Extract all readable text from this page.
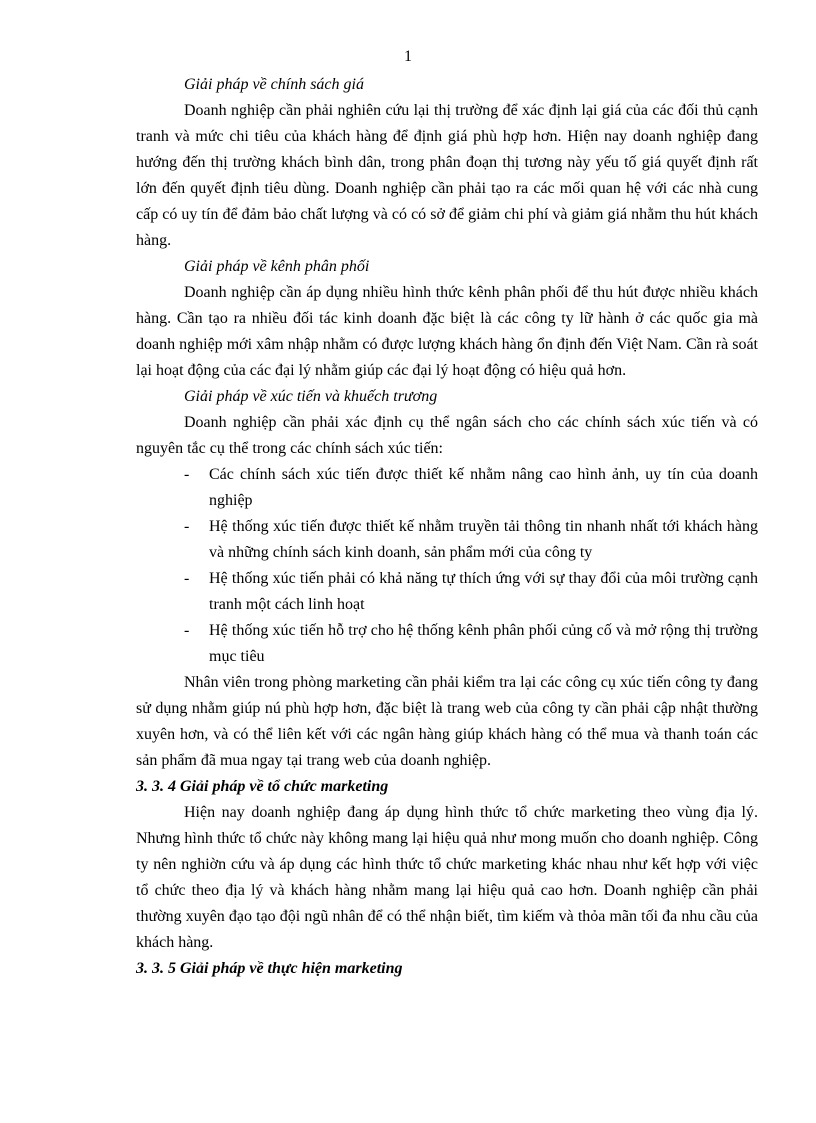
1

Giải pháp về chính sách giá

Doanh nghiệp cần phải nghiên cứu lại thị trường để xác định lại giá của các đối thủ cạnh tranh và mức chi tiêu của khách hàng để định giá phù hợp hơn. Hiện nay doanh nghiệp đang hướng đến thị trường khách bình dân, trong phân đoạn thị tương này yếu tố giá quyết định rất lớn đến quyết định tiêu dùng. Doanh nghiệp cần phải tạo ra các mối quan hệ với các nhà cung cấp có uy tín để đảm bảo chất lượng và có có sở để giảm chi phí và giảm giá nhằm thu hút khách hàng.

Giải pháp về kênh phân phối

Doanh nghiệp cần áp dụng nhiều hình thức kênh phân phối để thu hút được nhiều khách hàng. Cần tạo ra nhiều đối tác kinh doanh đặc biệt là các công ty lữ hành ở các quốc gia mà doanh nghiệp mới xâm nhập nhằm có được lượng khách hàng ổn định đến Việt Nam. Cần rà soát lại hoạt động của các đại lý nhằm giúp các đại lý hoạt động có hiệu quả hơn.

Giải pháp về xúc tiến và khuếch trương

Doanh nghiệp cần phải xác định cụ thể ngân sách cho các chính sách xúc tiến và có nguyên tắc cụ thể trong các chính sách xúc tiến:

- Các chính sách xúc tiến được thiết kế nhằm nâng cao hình ảnh, uy tín của doanh nghiệp
- Hệ thống xúc tiến được thiết kế nhằm truyền tải thông tin nhanh nhất tới khách hàng và những chính sách kinh doanh, sản phẩm mới của công ty
- Hệ thống xúc tiến phải có khả năng tự thích ứng với sự thay đổi của môi trường cạnh tranh một cách linh hoạt
- Hệ thống xúc tiến hỗ trợ cho hệ thống kênh phân phối củng cố và mở rộng thị trường mục tiêu

Nhân viên trong phòng marketing cần phải kiểm tra lại các công cụ xúc tiến công ty đang sử dụng nhằm giúp nú phù hợp hơn, đặc biệt là trang web của công ty cần phải cập nhật thường xuyên hơn, và có thể liên kết với các ngân hàng giúp khách hàng có thể mua và thanh toán các sản phẩm đã mua ngay tại trang web của doanh nghiệp.

3. 3. 4 Giải pháp về tổ chức marketing

Hiện nay doanh nghiệp đang áp dụng hình thức tổ chức marketing theo vùng địa lý. Nhưng hình thức tổ chức này không mang lại hiệu quả như mong muốn cho doanh nghiệp. Công ty nên nghiờn cứu và áp dụng các hình thức tổ chức marketing khác nhau như kết hợp với việc tổ chức theo địa lý và khách hàng nhằm mang lại hiệu quả cao hơn. Doanh nghiệp cần phải thường xuyên đạo tạo đội ngũ nhân để có thể nhận biết, tìm kiếm và thỏa mãn tối đa nhu cầu của khách hàng.

3. 3. 5 Giải pháp về thực hiện marketing
